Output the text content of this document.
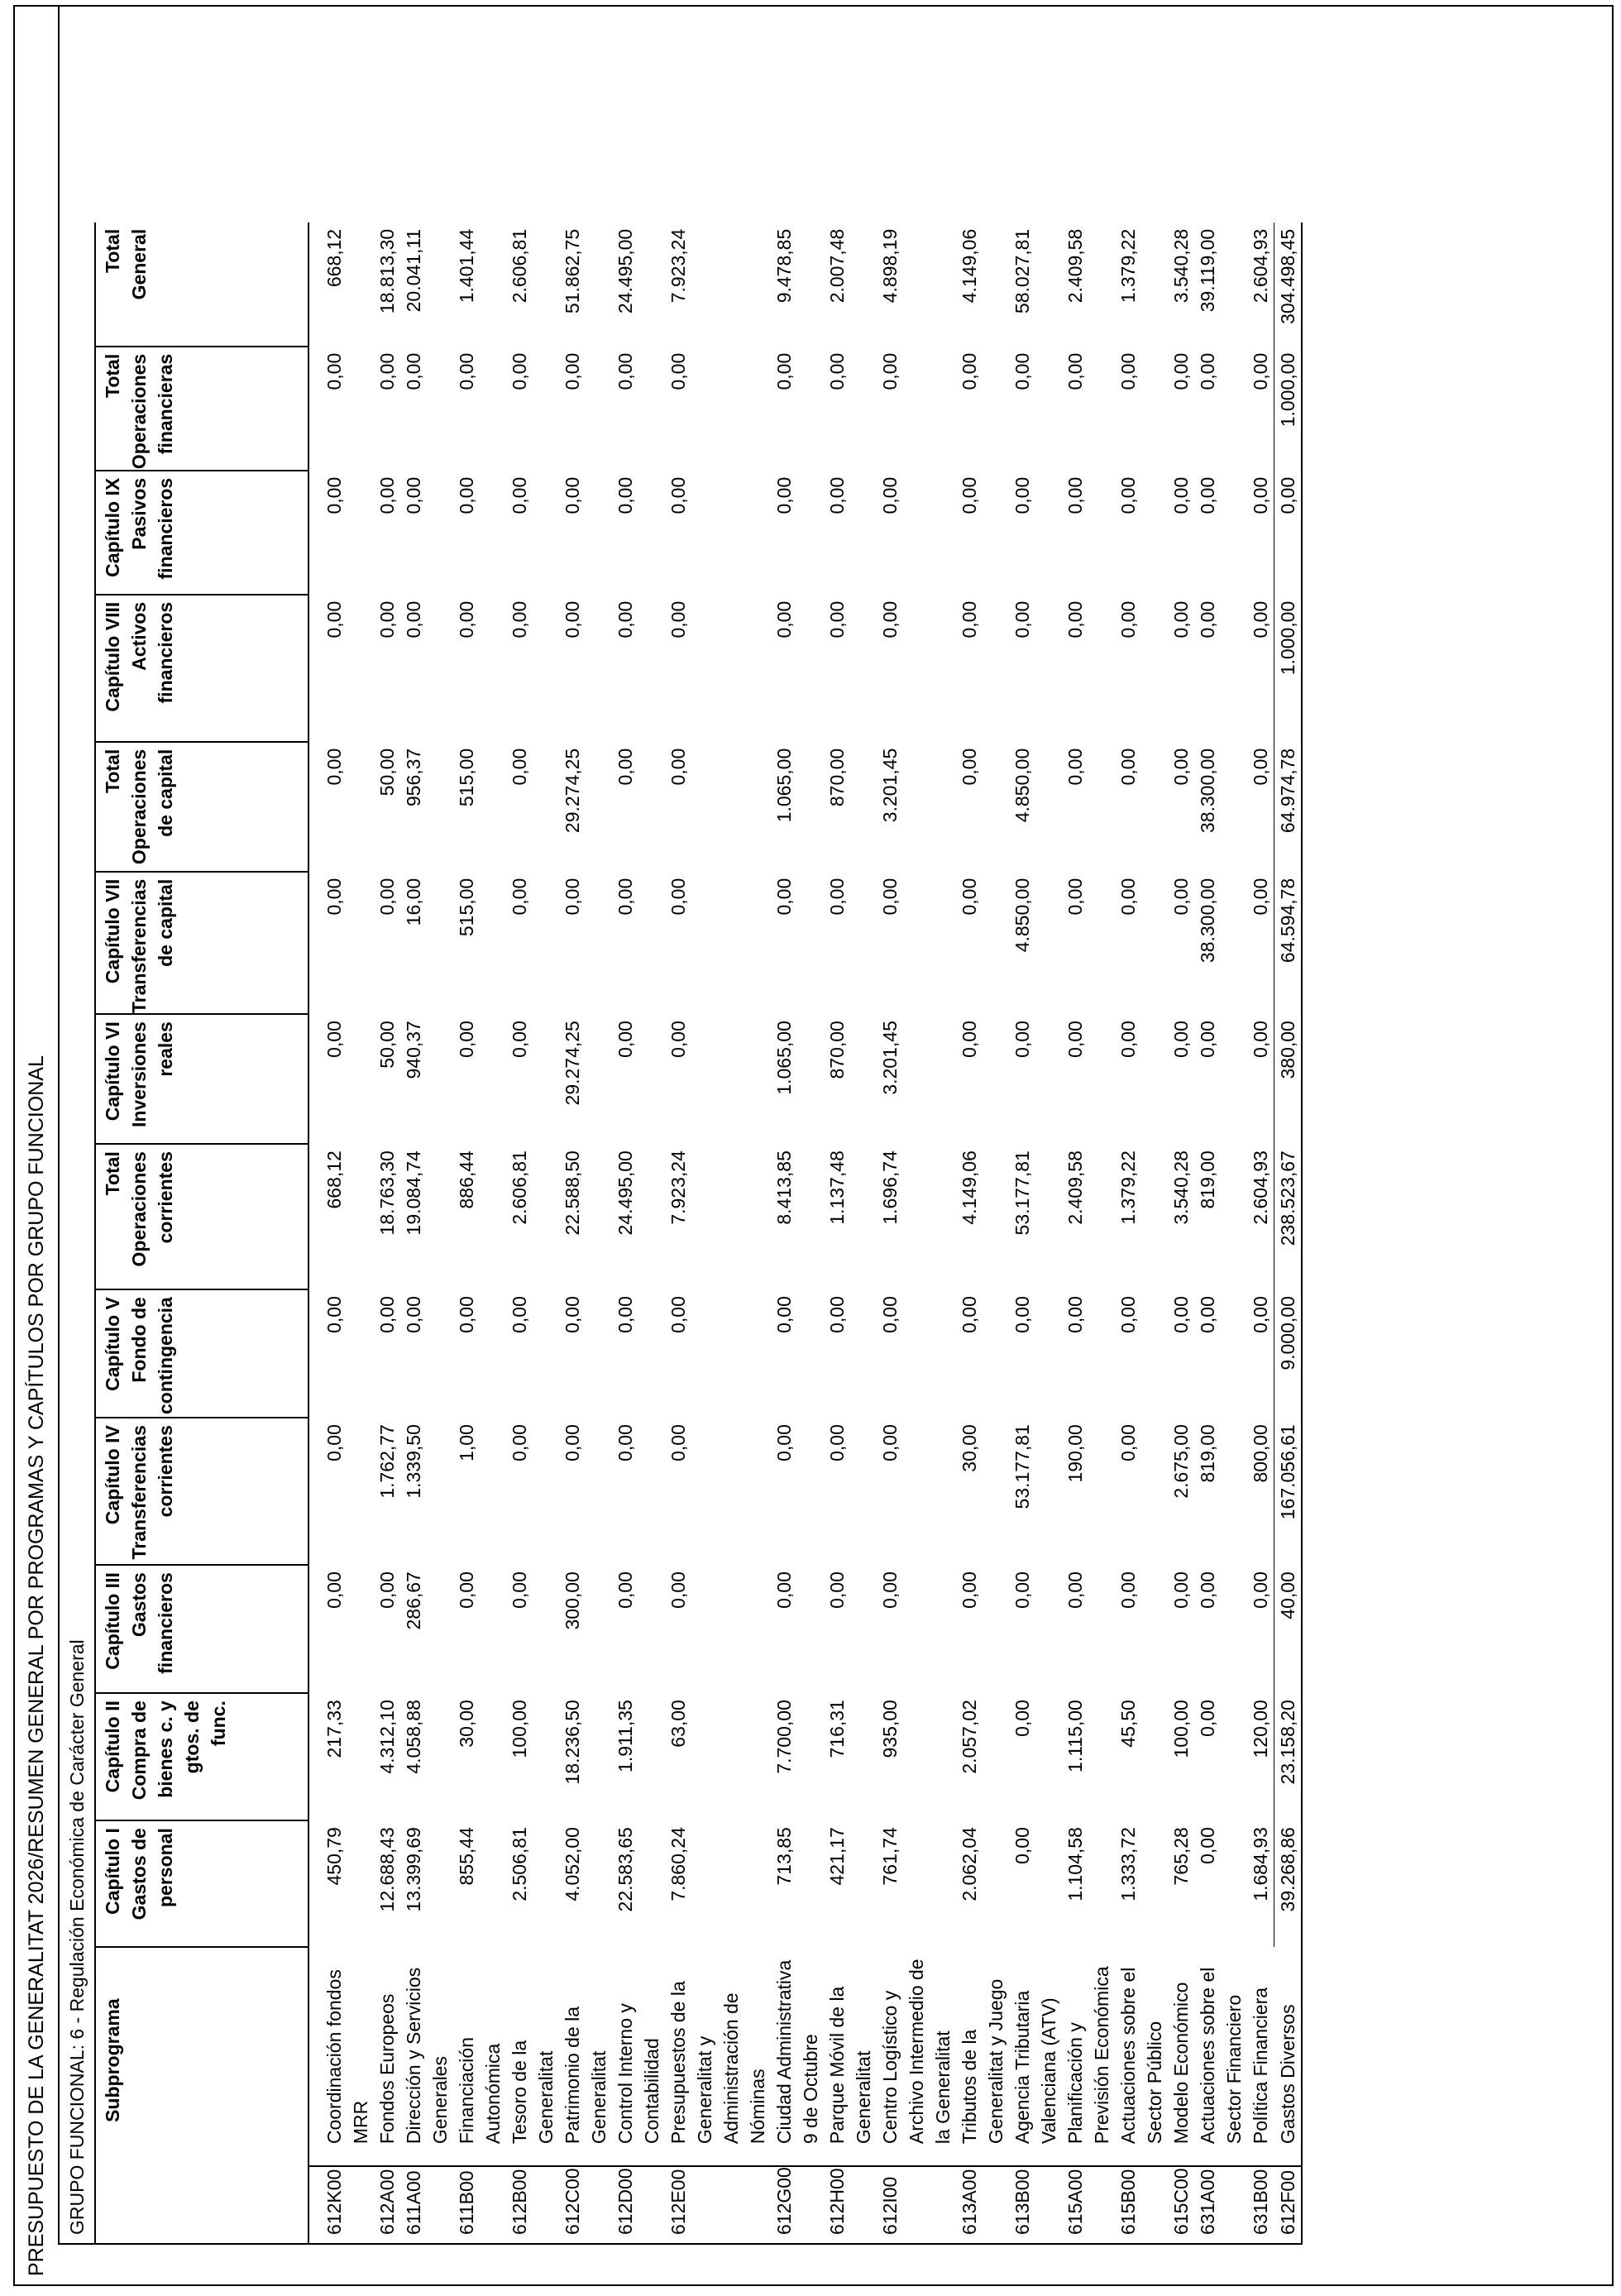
PRESUPUESTO DE LA GENERALITAT 2026/RESUMEN GENERAL POR PROGRAMAS Y CAPÍTULOS POR GRUPO FUNCIONAL GRUPO FUNCIONAL: 6 - Regulación Económica de Carácter General
	Subprograma	Capítulo I Gastos de personal	Capítulo II Compra de bienes c. y gtos. de func.	Capítulo III Gastos financieros	Capítulo IV Transferencias corrientes	Capítulo V Fondo de contingencia	Total Operaciones corrientes	Capítulo VI Inversiones reales	Capítulo VII Transferencias de capital	Total Operaciones de capital	Capítulo VIII Activos financieros	Capítulo IX Pasivos financieros	Total Operaciones financieras	Total General
612K00	Coordinación fondos MRR	450,79	217,33	0,00	0,00	0,00	668,12	0,00	0,00	0,00	0,00	0,00	0,00	668,12
612A00	Fondos Europeos	12.688,43	4.312,10	0,00	1.762,77	0,00	18.763,30	50,00	0,00	50,00	0,00	0,00	0,00	18.813,30
611A00	Dirección y Servicios Generales	13.399,69	4.058,88	286,67	1.339,50	0,00	19.084,74	940,37	16,00	956,37	0,00	0,00	0,00	20.041,11
611B00	Financiación Autonómica	855,44	30,00	0,00	1,00	0,00	886,44	0,00	515,00	515,00	0,00	0,00	0,00	1.401,44
612B00	Tesoro de la Generalitat	2.506,81	100,00	0,00	0,00	0,00	2.606,81	0,00	0,00	0,00	0,00	0,00	0,00	2.606,81
612C00	Patrimonio de la Generalitat	4.052,00	18.236,50	300,00	0,00	0,00	22.588,50	29.274,25	0,00	29.274,25	0,00	0,00	0,00	51.862,75
612D00	Control Interno y Contabilidad	22.583,65	1.911,35	0,00	0,00	0,00	24.495,00	0,00	0,00	0,00	0,00	0,00	0,00	24.495,00
612E00	Presupuestos de la Generalitat y Administración de Nóminas	7.860,24	63,00	0,00	0,00	0,00	7.923,24	0,00	0,00	0,00	0,00	0,00	0,00	7.923,24
612G00	Ciudad Administrativa 9 de Octubre	713,85	7.700,00	0,00	0,00	0,00	8.413,85	1.065,00	0,00	1.065,00	0,00	0,00	0,00	9.478,85
612H00	Parque Móvil de la Generalitat	421,17	716,31	0,00	0,00	0,00	1.137,48	870,00	0,00	870,00	0,00	0,00	0,00	2.007,48
612I00	Centro Logístico y Archivo Intermedio de la Generalitat	761,74	935,00	0,00	0,00	0,00	1.696,74	3.201,45	0,00	3.201,45	0,00	0,00	0,00	4.898,19
613A00	Tributos de la Generalitat y Juego	2.062,04	2.057,02	0,00	30,00	0,00	4.149,06	0,00	0,00	0,00	0,00	0,00	0,00	4.149,06
613B00	Agencia Tributaria Valenciana (ATV)	0,00	0,00	0,00	53.177,81	0,00	53.177,81	0,00	4.850,00	4.850,00	0,00	0,00	0,00	58.027,81
615A00	Planificación y Previsión Económica	1.104,58	1.115,00	0,00	190,00	0,00	2.409,58	0,00	0,00	0,00	0,00	0,00	0,00	2.409,58
615B00	Actuaciones sobre el Sector Público	1.333,72	45,50	0,00	0,00	0,00	1.379,22	0,00	0,00	0,00	0,00	0,00	0,00	1.379,22
615C00	Modelo Económico	765,28	100,00	0,00	2.675,00	0,00	3.540,28	0,00	0,00	0,00	0,00	0,00	0,00	3.540,28
631A00	Actuaciones sobre el Sector Financiero	0,00	0,00	0,00	819,00	0,00	819,00	0,00	38.300,00	38.300,00	0,00	0,00	0,00	39.119,00
631B00	Política Financiera	1.684,93	120,00	0,00	800,00	0,00	2.604,93	0,00	0,00	0,00	0,00	0,00	0,00	2.604,93
612F00	Gastos Diversos	39.268,86	23.158,20	40,00	167.056,61	9.000,00	238.523,67	380,00	64.594,78	64.974,78	1.000,00	0,00	1.000,00	304.498,45
